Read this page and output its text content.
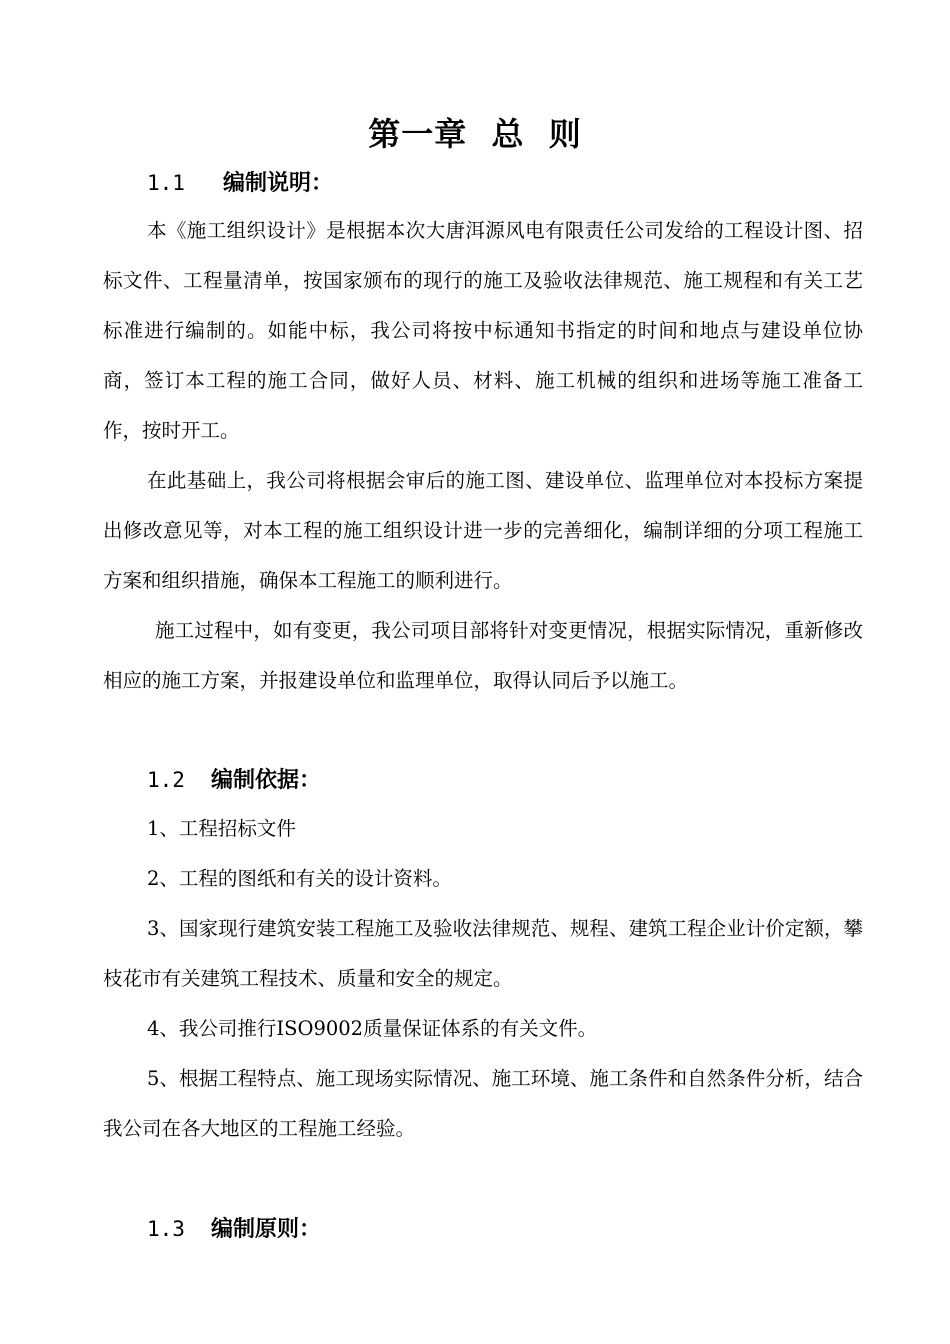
第一章  总  则
1.1 编制说明：

本《施工组织设计》是根据本次大唐洱源风电有限责任公司发给的工程设计图、招标文件、工程量清单，按国家颁布的现行的施工及验收法律规范、施工规程和有关工艺标准进行编制的。如能中标，我公司将按中标通知书指定的时间和地点与建设单位协商，签订本工程的施工合同，做好人员、材料、施工机械的组织和进场等施工准备工作，按时开工。

在此基础上，我公司将根据会审后的施工图、建设单位、监理单位对本投标方案提出修改意见等，对本工程的施工组织设计进一步的完善细化，编制详细的分项工程施工方案和组织措施，确保本工程施工的顺利进行。

施工过程中，如有变更，我公司项目部将针对变更情况，根据实际情况，重新修改相应的施工方案，并报建设单位和监理单位，取得认同后予以施工。

1.2 编制依据：

1、工程招标文件

2、工程的图纸和有关的设计资料。

3、国家现行建筑安装工程施工及验收法律规范、规程、建筑工程企业计价定额，攀枝花市有关建筑工程技术、质量和安全的规定。

4、我公司推行ISO9002质量保证体系的有关文件。

5、根据工程特点、施工现场实际情况、施工环境、施工条件和自然条件分析，结合我公司在各大地区的工程施工经验。

1.3 编制原则：
